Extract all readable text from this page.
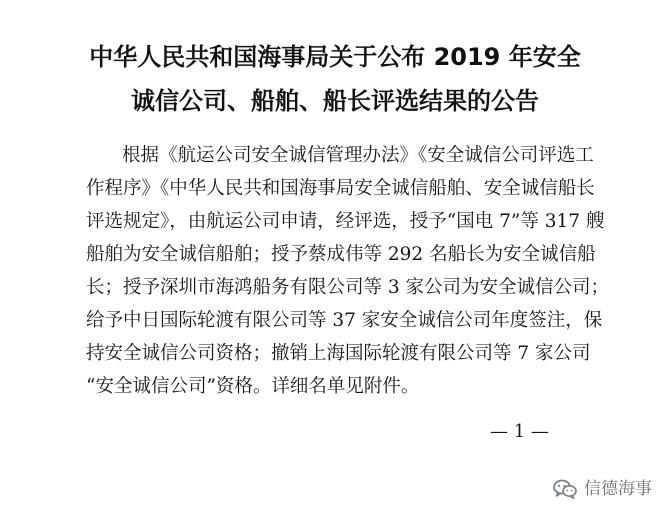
中华人民共和国海事局关于公布 2019 年安全
诚信公司、船舶、船长评选结果的公告
根据《航运公司安全诚信管理办法》《安全诚信公司评选工
作程序》《中华人民共和国海事局安全诚信船舶、安全诚信船长
评选规定》，由航运公司申请，经评选，授予“国电 7”等 317 艘
船舶为安全诚信船舶；授予蔡成伟等 292 名船长为安全诚信船
长；授予深圳市海鸿船务有限公司等 3 家公司为安全诚信公司；
给予中日国际轮渡有限公司等 37 家安全诚信公司年度签注，保
持安全诚信公司资格；撤销上海国际轮渡有限公司等 7 家公司
“安全诚信公司”资格。详细名单见附件。
— 1 —
信德海事
